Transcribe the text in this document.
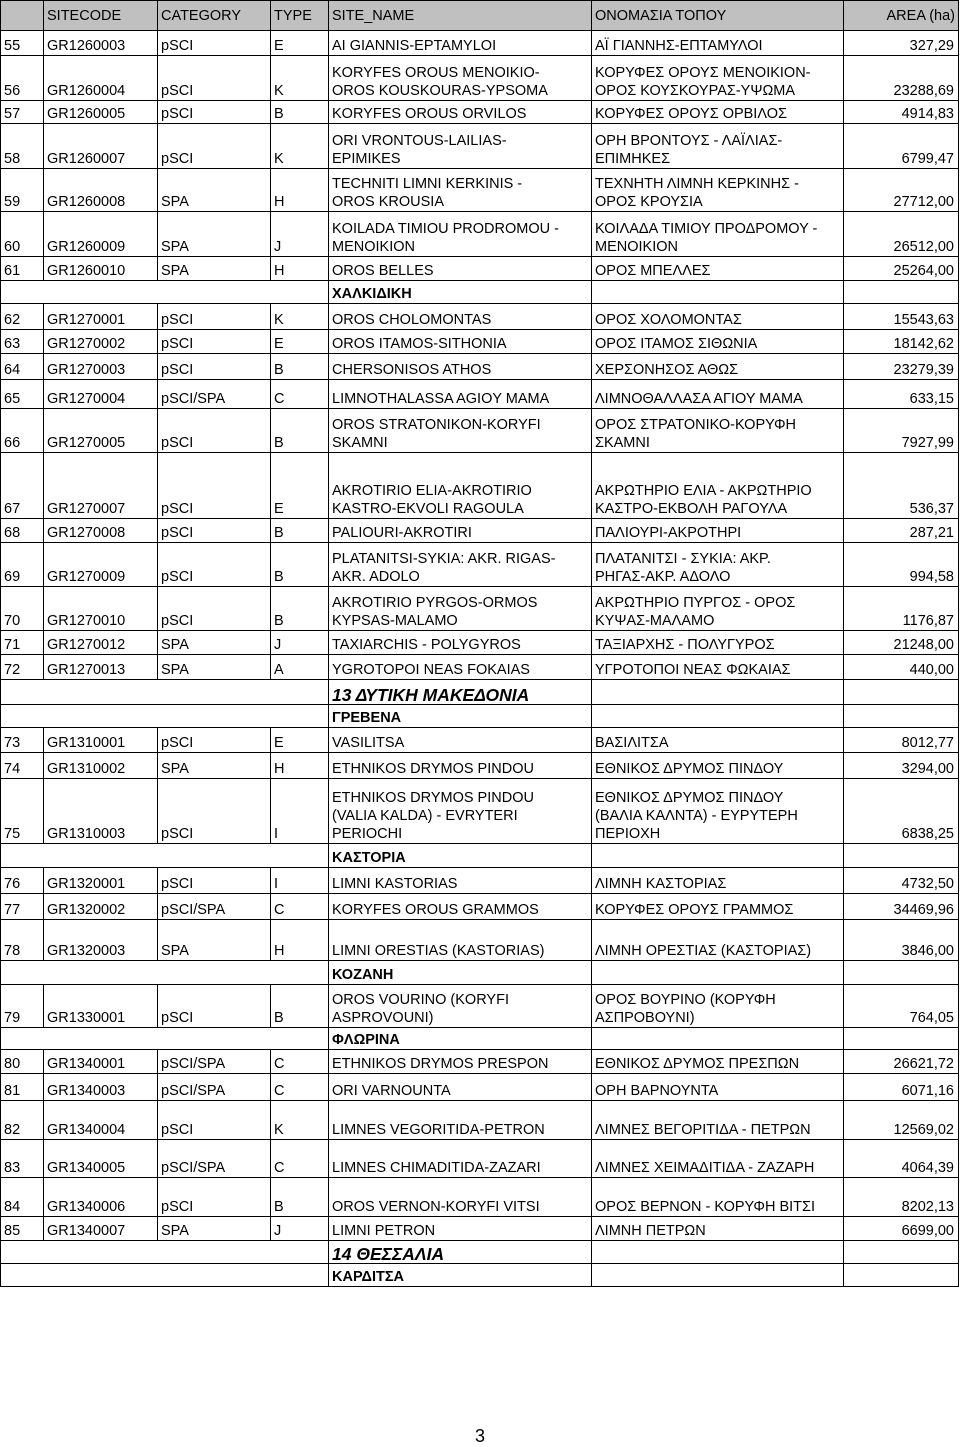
	SITECODE	CATEGORY	TYPE	SITE_NAME	ΟΝΟΜΑΣΙΑ ΤΟΠΟΥ	AREA (ha)
55	GR1260003	pSCI	E	AI GIANNIS-EPTAMYLOI	ΑΪ ΓΙΑΝΝΗΣ-ΕΠΤΑΜΥΛΟΙ	327,29
56	GR1260004	pSCI	K	KORYFES OROUS MENOIKIO-
OROS KOUSKOURAS-YPSOMA	ΚΟΡΥΦΕΣ ΟΡΟΥΣ ΜΕΝΟΙΚΙΟΝ-
ΟΡΟΣ ΚΟΥΣΚΟΥΡΑΣ-ΥΨΩΜΑ	23288,69
57	GR1260005	pSCI	B	KORYFES OROUS ORVILOS	ΚΟΡΥΦΕΣ ΟΡΟΥΣ ΟΡΒΙΛΟΣ	4914,83
58	GR1260007	pSCI	K	ORI VRONTOUS-LAILIAS-
EPIMIKES	ΟΡΗ ΒΡΟΝΤΟΥΣ - ΛΑΪΛΙΑΣ-
ΕΠΙΜΗΚΕΣ	6799,47
59	GR1260008	SPA	H	TECHNITI LIMNI KERKINIS -
OROS KROUSIA	ΤΕΧΝΗΤΗ ΛΙΜΝΗ ΚΕΡΚΙΝΗΣ -
ΟΡΟΣ ΚΡΟΥΣΙΑ	27712,00
60	GR1260009	SPA	J	KOILADA TIMIOU PRODROMOU -
MENOIKION	ΚΟΙΛΑΔΑ ΤΙΜΙΟΥ ΠΡΟΔΡΟΜΟΥ -
ΜΕΝΟΙΚΙΟΝ	26512,00
61	GR1260010	SPA	H	OROS BELLES	ΟΡΟΣ ΜΠΕΛΛΕΣ	25264,00
				ΧΑΛΚΙΔΙΚΗ		
62	GR1270001	pSCI	K	OROS CHOLOMONTAS	ΟΡΟΣ ΧΟΛΟΜΟΝΤΑΣ	15543,63
63	GR1270002	pSCI	E	OROS ITAMOS-SITHONIA	ΟΡΟΣ ΙΤΑΜΟΣ ΣΙΘΩΝΙΑ	18142,62
64	GR1270003	pSCI	B	CHERSONISOS ATHOS	ΧΕΡΣΟΝΗΣΟΣ ΑΘΩΣ	23279,39
65	GR1270004	pSCI/SPA	C	LIMNOTHALASSA AGIOY MAMA	ΛΙΜΝΟΘΑΛΛΑΣΑ ΑΓΙΟΥ ΜΑΜΑ	633,15
66	GR1270005	pSCI	B	OROS STRATONIKON-KORYFI
SKAMNI	ΟΡΟΣ ΣΤΡΑΤΟΝΙΚΟ-ΚΟΡΥΦΗ
ΣΚΑΜΝΙ	7927,99
67	GR1270007	pSCI	E	AKROTIRIO ELIA-AKROTIRIO
KASTRO-EKVOLI RAGOULA	ΑΚΡΩΤΗΡΙΟ ΕΛΙΑ - ΑΚΡΩΤΗΡΙΟ
ΚΑΣΤΡΟ-ΕΚΒΟΛΗ ΡΑΓΟΥΛΑ	536,37
68	GR1270008	pSCI	B	PALIOURI-AKROTIRI	ΠΑΛΙΟΥΡΙ-ΑΚΡΟΤΗΡΙ	287,21
69	GR1270009	pSCI	B	PLATANITSI-SYKIA: AKR. RIGAS-
AKR. ADOLO	ΠΛΑΤΑΝΙΤΣΙ - ΣΥΚΙΑ: ΑΚΡ.
ΡΗΓΑΣ-ΑΚΡ. ΑΔΟΛΟ	994,58
70	GR1270010	pSCI	B	AKROTIRIO PYRGOS-ORMOS
KYPSAS-MALAMO	ΑΚΡΩΤΗΡΙΟ ΠΥΡΓΟΣ - ΟΡΟΣ
ΚΥΨΑΣ-ΜΑΛΑΜΟ	1176,87
71	GR1270012	SPA	J	TAXIARCHIS - POLYGYROS	ΤΑΞΙΑΡΧΗΣ - ΠΟΛΥΓΥΡΟΣ	21248,00
72	GR1270013	SPA	A	YGROTOPOI NEAS FOKAIAS	ΥΓΡΟΤΟΠΟΙ ΝΕΑΣ ΦΩΚΑΙΑΣ	440,00
				13 ΔΥΤΙΚΗ ΜΑΚΕΔΟΝΙΑ		
				ΓΡΕΒΕΝΑ		
73	GR1310001	pSCI	E	VASILITSA	ΒΑΣΙΛΙΤΣΑ	8012,77
74	GR1310002	SPA	H	ETHNIKOS DRYMOS PINDOU	ΕΘΝΙΚΟΣ ΔΡΥΜΟΣ ΠΙΝΔΟΥ	3294,00
75	GR1310003	pSCI	I	ETHNIKOS DRYMOS PINDOU
(VALIA KALDA) - EVRYTERI
PERIOCHI	ΕΘΝΙΚΟΣ ΔΡΥΜΟΣ ΠΙΝΔΟΥ
(ΒΑΛΙΑ ΚΑΛΝΤΑ) - ΕΥΡΥΤΕΡΗ
ΠΕΡΙΟΧΗ	6838,25
				ΚΑΣΤΟΡΙΑ		
76	GR1320001	pSCI	I	LIMNI KASTORIAS	ΛΙΜΝΗ ΚΑΣΤΟΡΙΑΣ	4732,50
77	GR1320002	pSCI/SPA	C	KORYFES OROUS GRAMMOS	ΚΟΡΥΦΕΣ ΟΡΟΥΣ ΓΡΑΜΜΟΣ	34469,96
78	GR1320003	SPA	H	LIMNI ORESTIAS (KASTORIAS)	ΛΙΜΝΗ ΟΡΕΣΤΙΑΣ (ΚΑΣΤΟΡΙΑΣ)	3846,00
				ΚΟΖΑΝΗ		
79	GR1330001	pSCI	B	OROS VOURINO (KORYFI
ASPROVOUNI)	ΟΡΟΣ ΒΟΥΡΙΝΟ (ΚΟΡΥΦΗ
ΑΣΠΡΟΒΟΥΝΙ)	764,05
				ΦΛΩΡΙΝΑ		
80	GR1340001	pSCI/SPA	C	ETHNIKOS DRYMOS PRESPON	ΕΘΝΙΚΟΣ ΔΡΥΜΟΣ ΠΡΕΣΠΩΝ	26621,72
81	GR1340003	pSCI/SPA	C	ORI VARNOUNTA	ΟΡΗ ΒΑΡΝΟΥΝΤΑ	6071,16
82	GR1340004	pSCI	K	LIMNES VEGORITIDA-PETRON	ΛΙΜΝΕΣ ΒΕΓΟΡΙΤΙΔΑ - ΠΕΤΡΩΝ	12569,02
83	GR1340005	pSCI/SPA	C	LIMNES CHIMADITIDA-ZAZARI	ΛΙΜΝΕΣ ΧΕΙΜΑΔΙΤΙΔΑ - ΖΑΖΑΡΗ	4064,39
84	GR1340006	pSCI	B	OROS VERNON-KORYFI VITSI	ΟΡΟΣ ΒΕΡΝΟΝ - ΚΟΡΥΦΗ ΒΙΤΣΙ	8202,13
85	GR1340007	SPA	J	LIMNI PETRON	ΛΙΜΝΗ ΠΕΤΡΩΝ	6699,00
				14 ΘΕΣΣΑΛΙΑ		
				ΚΑΡΔΙΤΣΑ		
3
